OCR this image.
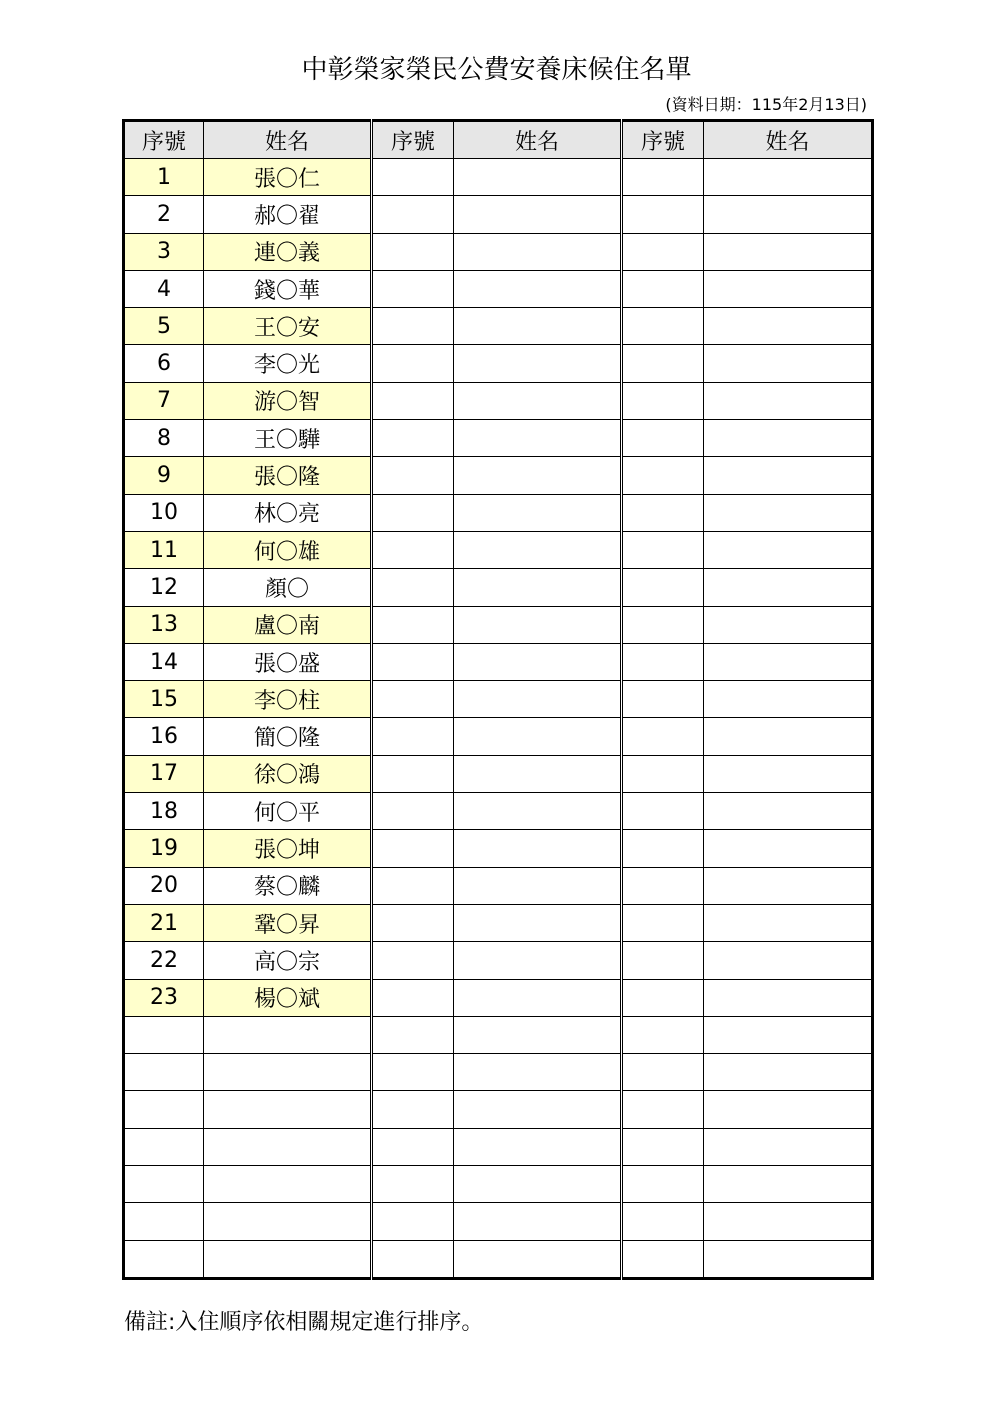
中彰榮家榮民公費安養床候住名單
(資料日期：115年2月13日)
序號	姓名	序號	姓名	序號	姓名
1	張〇仁				
2	郝〇翟				
3	連〇義				
4	錢〇華				
5	王〇安				
6	李〇光				
7	游〇智				
8	王〇驊				
9	張〇隆				
10	林〇亮				
11	何〇雄				
12	顏〇				
13	盧〇南				
14	張〇盛				
15	李〇柱				
16	簡〇隆				
17	徐〇鴻				
18	何〇平				
19	張〇坤				
20	蔡〇麟				
21	鞏〇昇				
22	高〇宗				
23	楊〇斌				

備註:入住順序依相關規定進行排序。
